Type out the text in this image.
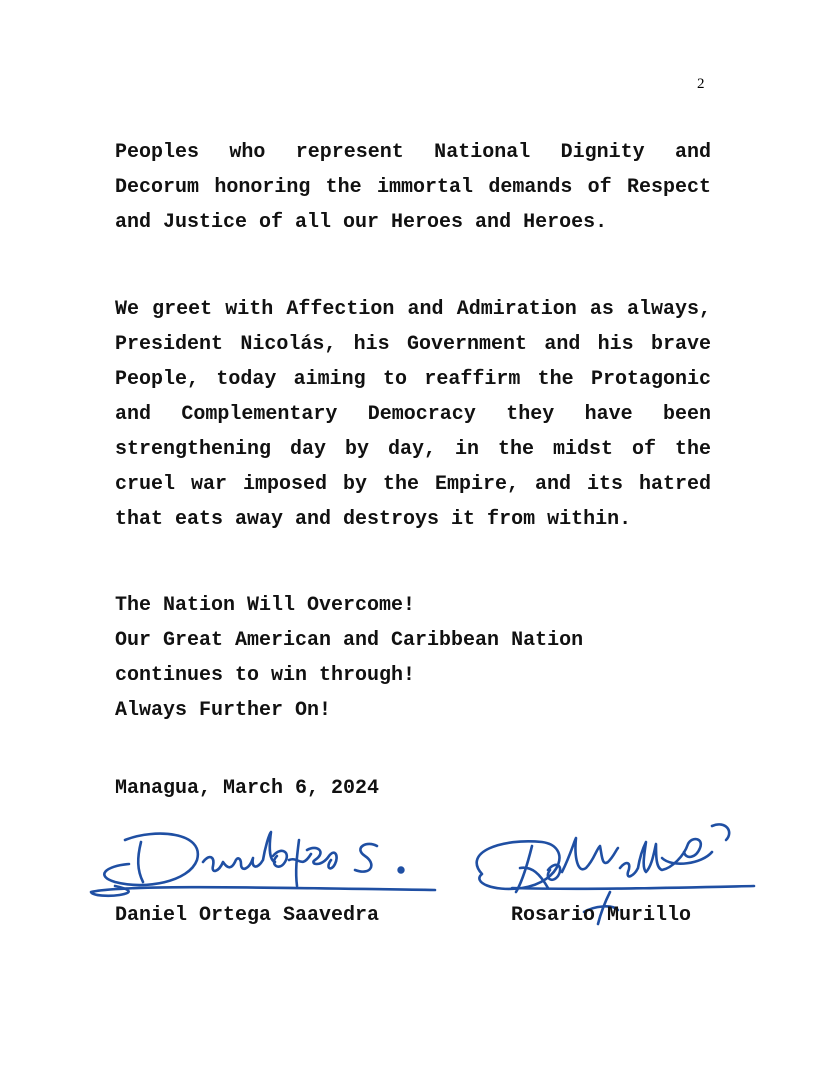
2

Peoples who represent National Dignity and Decorum honoring the immortal demands of Respect and Justice of all our Heroes and Heroes.

We greet with Affection and Admiration as always, President Nicolás, his Government and his brave People, today aiming to reaffirm the Protagonic and Complementary Democracy they have been strengthening day by day, in the midst of the cruel war imposed by the Empire, and its hatred that eats away and destroys it from within.

The Nation Will Overcome!
Our Great American and Caribbean Nation
continues to win through!
Always Further On!
Managua, March 6, 2024
Daniel Ortega Saavedra	Rosario Murillo
